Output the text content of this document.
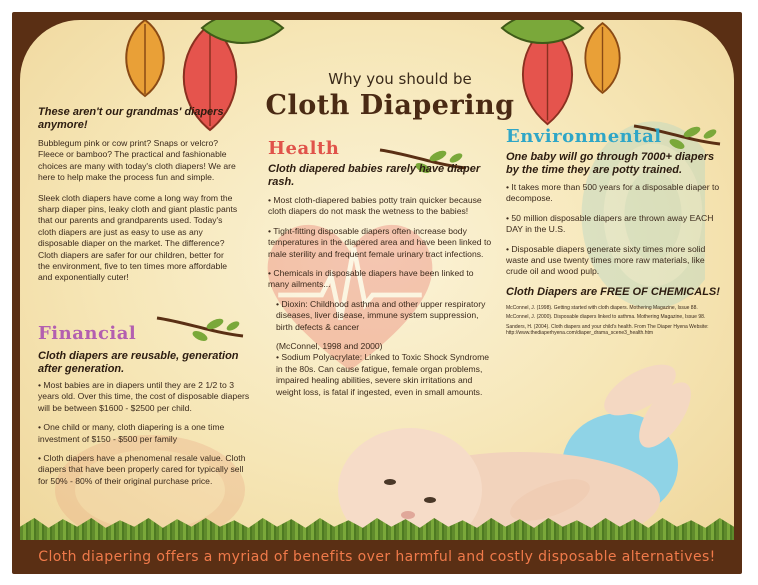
Why you should be
Cloth Diapering

These aren't our grandmas' diapers anymore!

Bubblegum pink or cow print? Snaps or velcro? Fleece or bamboo? The practical and fashionable choices are many with today's cloth diapers! We are here to help make the process fun and simple.

Sleek cloth diapers have come a long way from the sharp diaper pins, leaky cloth and giant plastic pants that our parents and grandparents used. Today's cloth diapers are just as easy to use as any disposable diaper on the market. The difference? Cloth diapers are safer for our children, better for the environment, five to ten times more affordable and exponentially cuter!

Financial

Cloth diapers are reusable, generation after generation.

• Most babies are in diapers until they are 2 1/2 to 3 years old. Over this time, the cost of disposable diapers will be between $1600 - $2500 per child.

• One child or many, cloth diapering is a one time investment of $150 - $500 per family

• Cloth diapers have a phenomenal resale value. Cloth diapers that have been properly cared for typically sell for 50% - 80% of their original purchase price.

Health

Cloth diapered babies rarely have diaper rash.

• Most cloth-diapered babies potty train quicker because cloth diapers do not mask the wetness to the babies!

• Tight-fitting disposable diapers often increase body temperatures in the diapered area and have been linked to male sterility and frequent female urinary tract infections.

• Chemicals in disposable diapers have been linked to many ailments...

• Dioxin: Childhood asthma and other upper respiratory diseases, liver disease, immune system suppression, birth defects & cancer

(McConnel, 1998 and 2000)
• Sodium Polyacrylate: Linked to Toxic Shock Syndrome in the 80s. Can cause fatigue, female organ problems, impaired healing abilities, severe skin irritations and weight loss, is fatal if ingested, even in small amounts.

Environmental

One baby will go through 7000+ diapers by the time they are potty trained.

• It takes more than 500 years for a disposable diaper to decompose.

• 50 million disposable diapers are thrown away EACH DAY in the U.S.

• Disposable diapers generate sixty times more solid waste and use twenty times more raw materials, like crude oil and wood pulp.

Cloth Diapers are FREE OF CHEMICALS!

McConnel, J. (1998). Getting started with cloth diapers. Mothering Magazine, Issue 88.

McConnel, J. (2000). Disposable diapers linked to asthma. Mothering Magazine, Issue 98.

Sanders, H. (2004). Cloth diapers and your child's health. From The Diaper Hyena Website: http://www.thediaperhyena.com/diaper_drama_scene3_health.htm

Cloth diapering offers a myriad of benefits over harmful and costly disposable alternatives!
